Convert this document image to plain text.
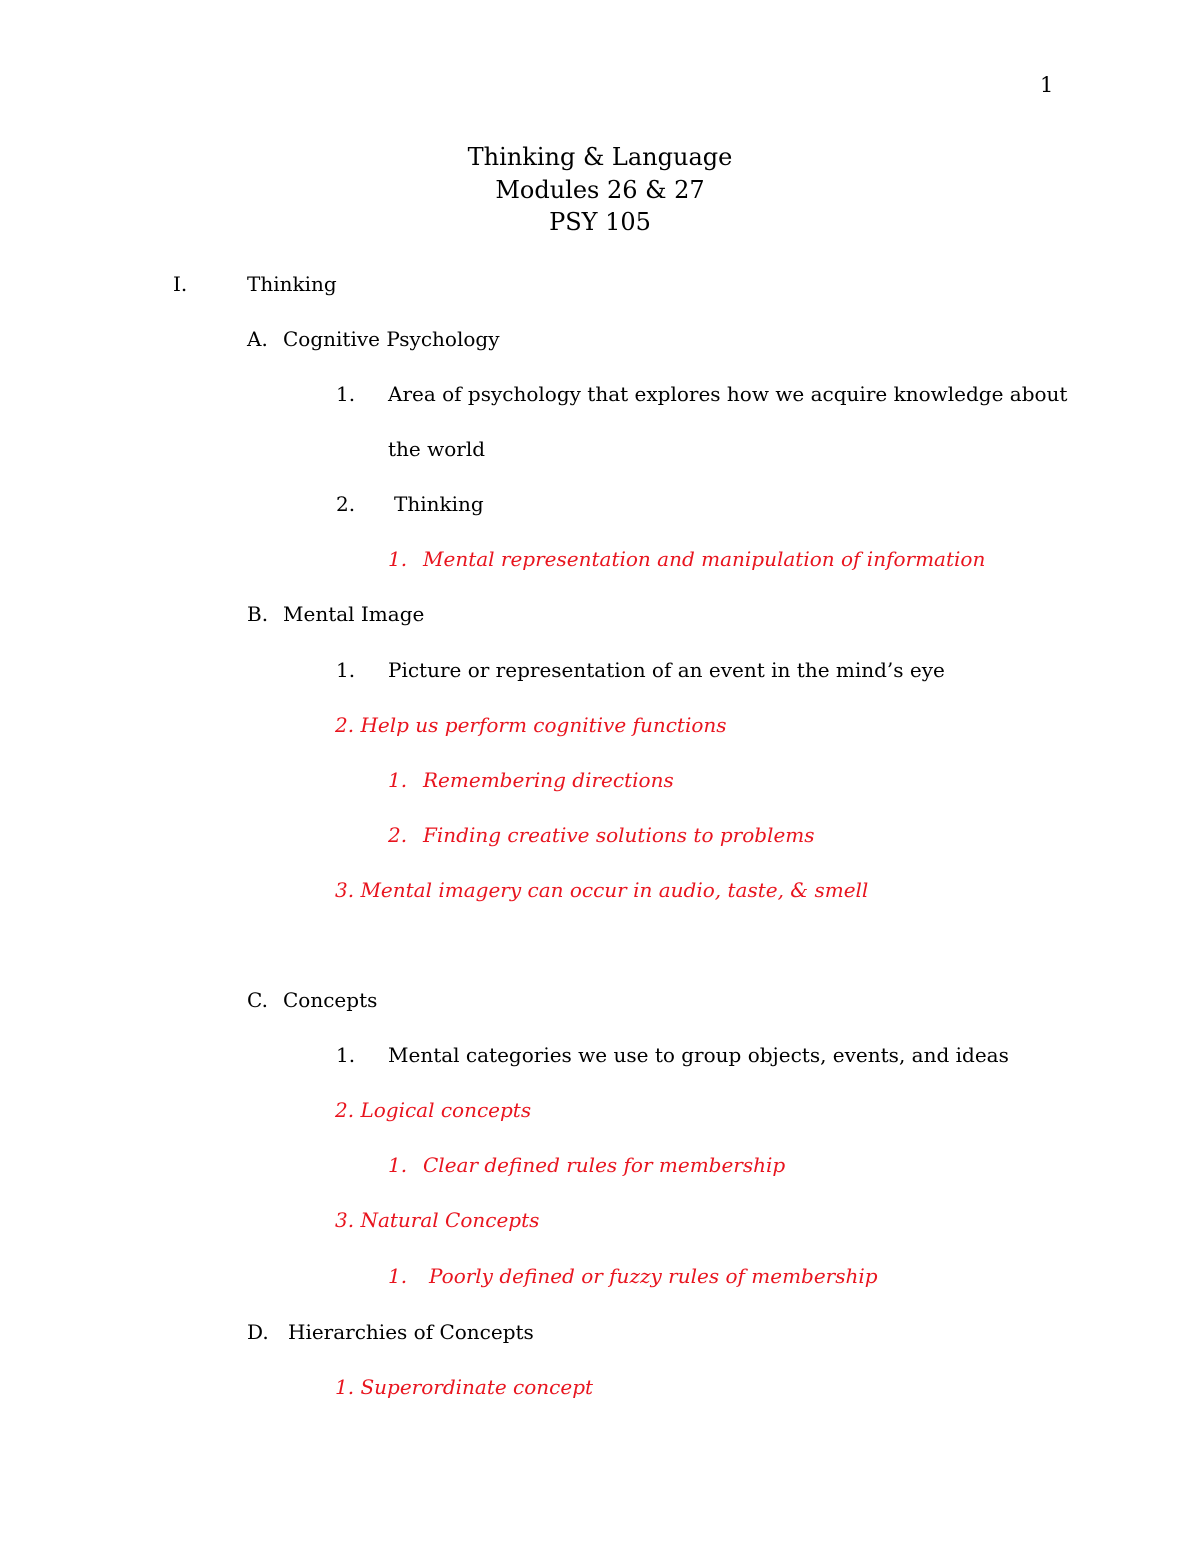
1
Thinking & Language
Modules 26 & 27
PSY 105
I.	Thinking
A. Cognitive Psychology
1. Area of psychology that explores how we acquire knowledge about
the world
2. Thinking
1. Mental representation and manipulation of information
B. Mental Image
1. Picture or representation of an event in the mind’s eye
2. Help us perform cognitive functions
1. Remembering directions
2. Finding creative solutions to problems
3. Mental imagery can occur in audio, taste, & smell
C. Concepts
1. Mental categories we use to group objects, events, and ideas
2. Logical concepts
1. Clear defined rules for membership
3. Natural Concepts
1. Poorly defined or fuzzy rules of membership
D. Hierarchies of Concepts
1. Superordinate concept
